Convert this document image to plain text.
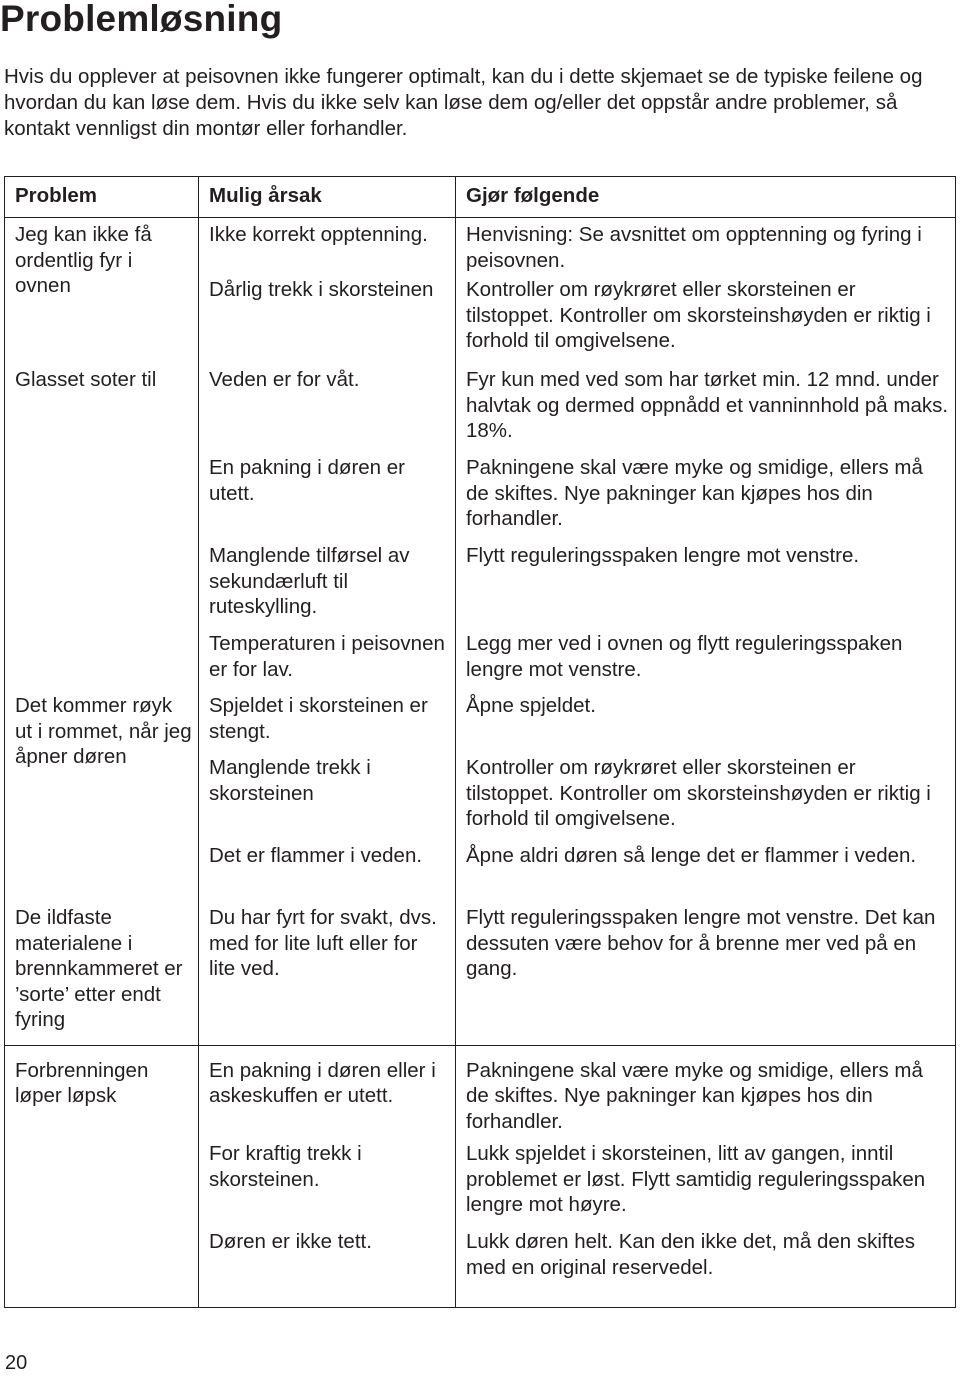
Problemløsning

Hvis du opplever at peisovnen ikke fungerer optimalt, kan du i dette skjemaet se de typiske feilene og hvordan du kan løse dem. Hvis du ikke selv kan løse dem og/eller det oppstår andre problemer, så kontakt vennligst din montør eller forhandler.

Problem	Mulig årsak	Gjør følgende
Jeg kan ikke få ordentlig fyr i ovnen	Ikke korrekt opptenning.	Henvisning: Se avsnittet om opptenning og fyring i peisovnen.
	Dårlig trekk i skorsteinen	Kontroller om røykrøret eller skorsteinen er tilstoppet. Kontroller om skorsteinshøyden er riktig i forhold til omgivelsene.
Glasset soter til	Veden er for våt.	Fyr kun med ved som har tørket min. 12 mnd. under halvtak og dermed oppnådd et vanninnhold på maks. 18%.
	En pakning i døren er utett.	Pakningene skal være myke og smidige, ellers må de skiftes. Nye pakninger kan kjøpes hos din forhandler.
	Manglende tilførsel av sekundærluft til ruteskylling.	Flytt reguleringsspaken lengre mot venstre.
	Temperaturen i peisovnen er for lav.	Legg mer ved i ovnen og flytt reguleringsspaken lengre mot venstre.
Det kommer røyk ut i rommet, når jeg åpner døren	Spjeldet i skorsteinen er stengt.	Åpne spjeldet.
	Manglende trekk i skorsteinen	Kontroller om røykrøret eller skorsteinen er tilstoppet. Kontroller om skorsteinshøyden er riktig i forhold til omgivelsene.
	Det er flammer i veden.	Åpne aldri døren så lenge det er flammer i veden.
De ildfaste materialene i brennkammeret er ’sorte’ etter endt fyring	Du har fyrt for svakt, dvs. med for lite luft eller for lite ved.	Flytt reguleringsspaken lengre mot venstre. Det kan dessuten være behov for å brenne mer ved på en gang.
Forbrenningen løper løpsk	En pakning i døren eller i askeskuffen er utett.	Pakningene skal være myke og smidige, ellers må de skiftes. Nye pakninger kan kjøpes hos din forhandler.
	For kraftig trekk i skorsteinen.	Lukk spjeldet i skorsteinen, litt av gangen, inntil problemet er løst. Flytt samtidig reguleringsspaken lengre mot høyre.
	Døren er ikke tett.	Lukk døren helt. Kan den ikke det, må den skiftes med en original reservedel.
20
